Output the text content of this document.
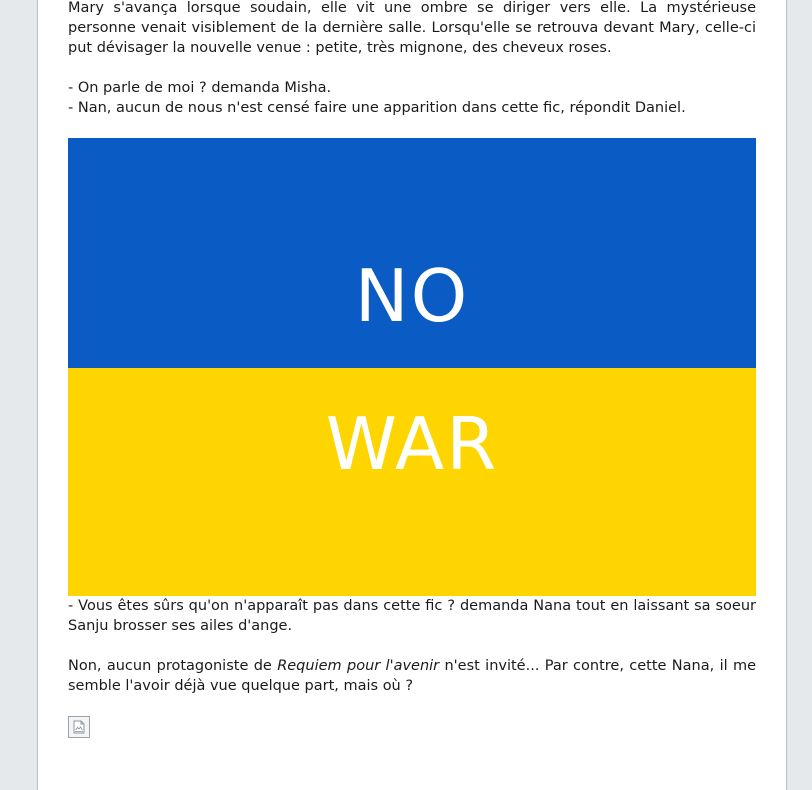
Mary s'avança lorsque soudain, elle vit une ombre se diriger vers elle. La mystérieuse personne venait visiblement de la dernière salle. Lorsqu'elle se retrouva devant Mary, celle-ci put dévisager la nouvelle venue : petite, très mignone, des cheveux roses.

- On parle de moi ? demanda Misha.

- Nan, aucun de nous n'est censé faire une apparition dans cette fic, répondit Daniel.

NO
WAR

- Vous êtes sûrs qu'on n'apparaît pas dans cette fic ? demanda Nana tout en laissant sa soeur Sanju brosser ses ailes d'ange.

Non, aucun protagoniste de Requiem pour l'avenir n'est invité... Par contre, cette Nana, il me semble l'avoir déjà vue quelque part, mais où ?
